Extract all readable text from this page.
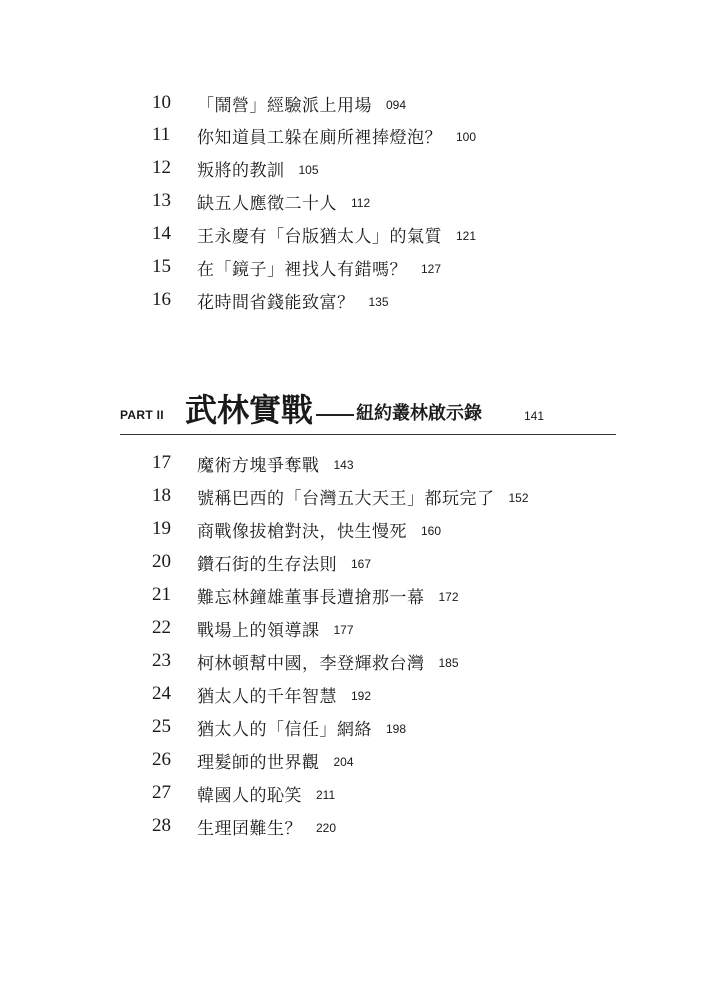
10	「鬧營」經驗派上用場 094
11	你知道員工躲在廁所裡捧燈泡？ 100
12	叛將的教訓 105
13	缺五人應徵二十人 112
14	王永慶有「台版猶太人」的氣質 121
15	在「鏡子」裡找人有錯嗎？ 127
16	花時間省錢能致富？ 135
PART II 武林實戰 紐約叢林啟示錄	141
17	魔術方塊爭奪戰 143
18	號稱巴西的「台灣五大天王」都玩完了 152
19	商戰像拔槍對決，快生慢死 160
20	鑽石街的生存法則 167
21	難忘林鐘雄董事長遭搶那一幕 172
22	戰場上的領導課 177
23	柯林頓幫中國，李登輝救台灣 185
24	猶太人的千年智慧 192
25	猶太人的「信任」網絡 198
26	理髮師的世界觀 204
27	韓國人的恥笑 211
28	生理囝難生？ 220
